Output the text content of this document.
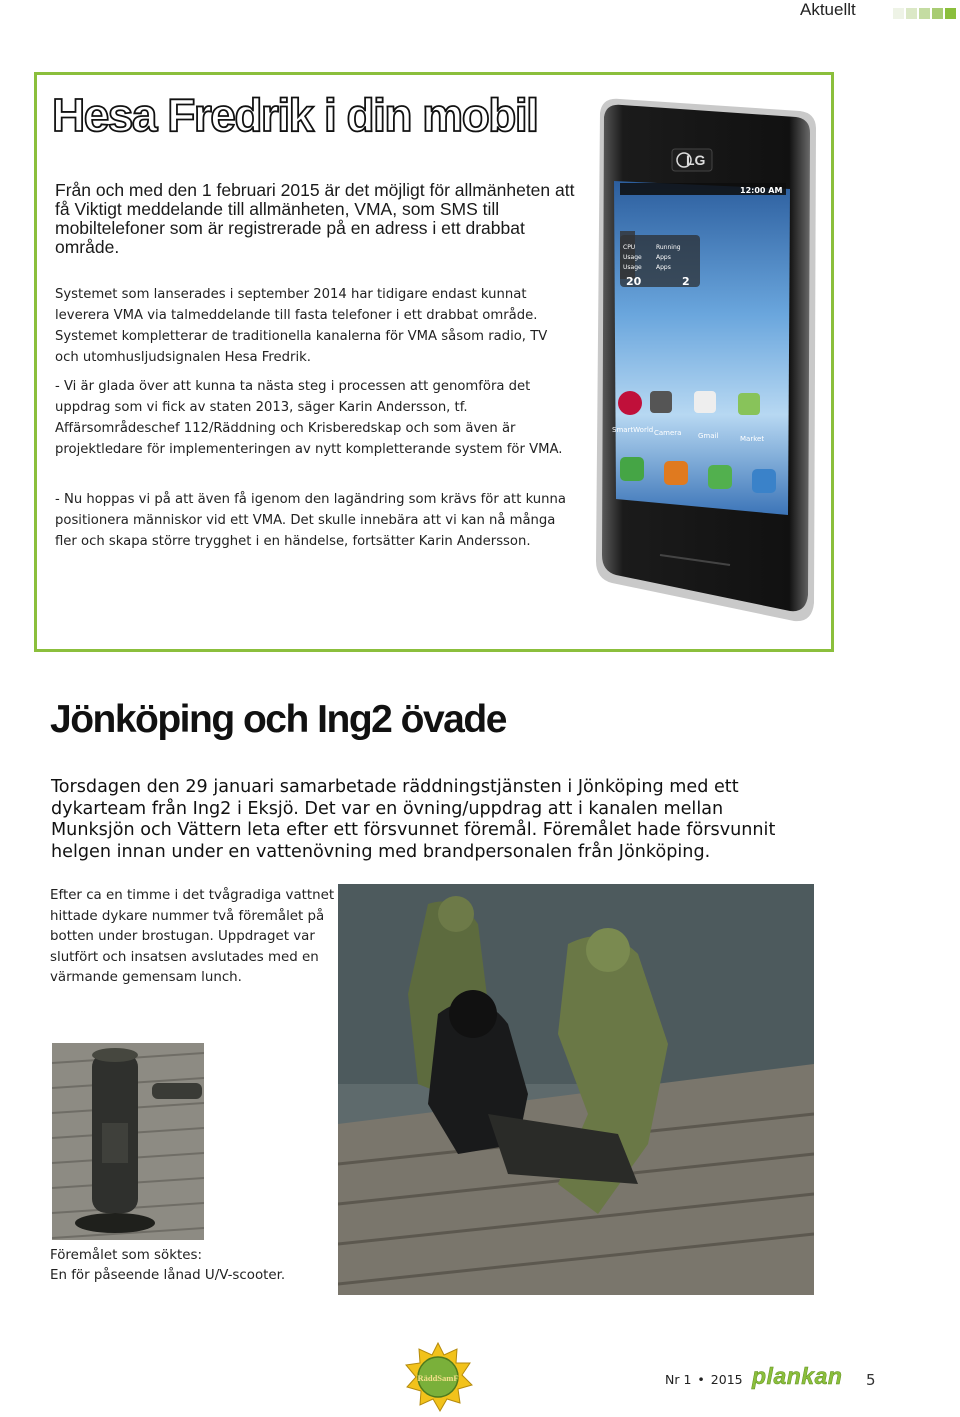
Aktuellt
Hesa Fredrik i din mobil

Från och med den 1 februari 2015 är det möjligt för allmänheten att få Viktigt meddelande till allmänheten, VMA, som SMS till mobiltelefoner som är registrerade på en adress i ett drabbat område.

Systemet som lanserades i september 2014 har tidigare endast kunnat leverera VMA via talmeddelande till fasta telefoner i ett drabbat område. Systemet kompletterar de traditionella kanalerna för VMA såsom radio, TV och utomhusljudsignalen Hesa Fredrik.

- Vi är glada över att kunna ta nästa steg i processen att genomföra det uppdrag som vi fick av staten 2013, säger Karin Andersson, tf. Affärsområdeschef 112/Räddning och Krisberedskap och som även är projektledare för implementeringen av nytt kompletterande system för VMA.

- Nu hoppas vi på att även få igenom den lagändring som krävs för att kunna positionera människor vid ett VMA. Det skulle innebära att vi kan nå många fler och skapa större trygghet i en händelse, fortsätter Karin Andersson.

LG
12:00 AM
CPU
Usage
Usage
Running
Apps
Apps
20	2
SmartWorld Camera Gmail	Market
Jönköping och Ing2 övade

Torsdagen den 29 januari samarbetade räddningstjänsten i Jönköping med ett dykarteam från Ing2 i Eksjö. Det var en övning/uppdrag att i kanalen mellan Munksjön och Vättern leta efter ett försvunnet föremål. Föremålet hade försvunnit helgen innan under en vattenövning med brandpersonalen från Jönköping.

Efter ca en timme i det tvågradiga vattnet hittade dykare nummer två föremålet på botten under brostugan. Uppdraget var slutfört och insatsen avslutades med en värmande gemensam lunch.

Föremålet som söktes:
En för påseende lånad U/V-scooter.

RäddSamF	Nr 1 • 2015 plankan 5
